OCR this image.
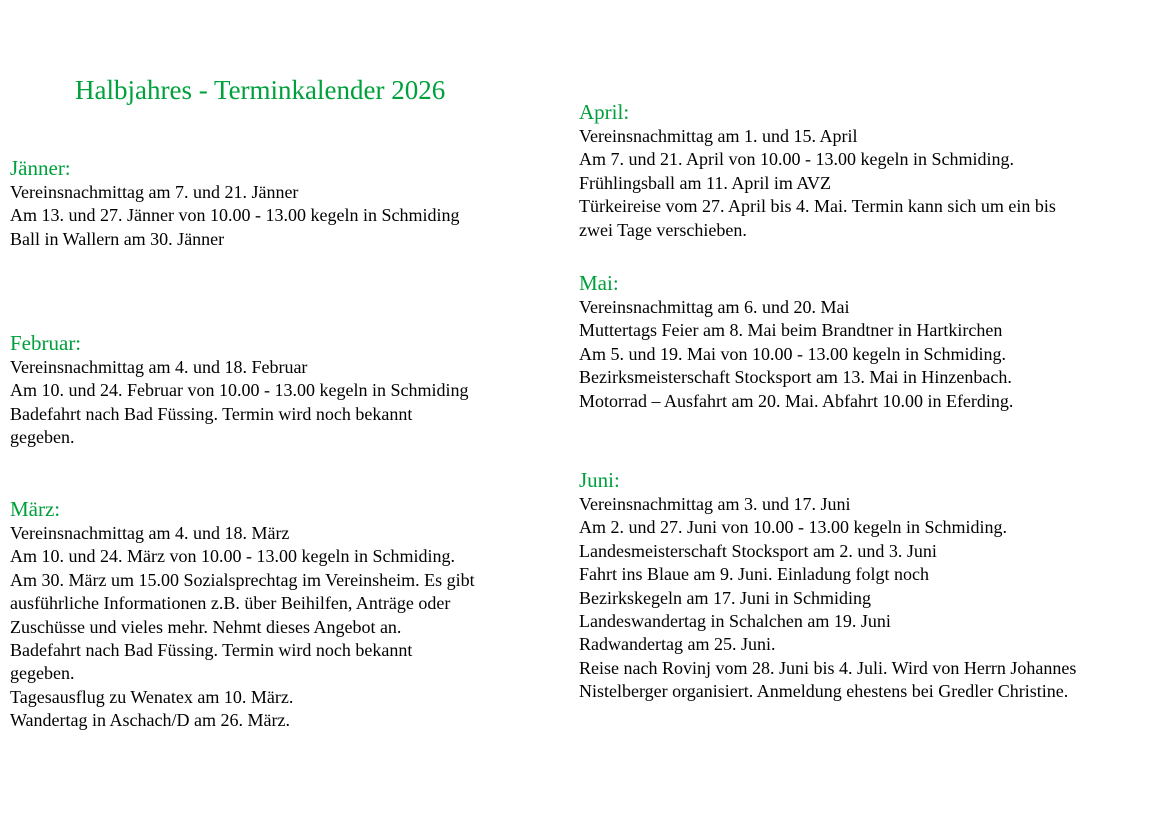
Halbjahres - Terminkalender 2026

Jänner:

Vereinsnachmittag am 7. und 21. Jänner

Am 13. und 27. Jänner von 10.00 - 13.00 kegeln in Schmiding

Ball in Wallern am 30. Jänner

Februar:

Vereinsnachmittag am 4. und 18. Februar

Am 10. und 24. Februar von 10.00 - 13.00 kegeln in Schmiding

Badefahrt nach Bad Füssing. Termin wird noch bekannt

gegeben.

März:

Vereinsnachmittag am 4. und 18. März

Am 10. und 24. März von 10.00 - 13.00 kegeln in Schmiding.

Am 30. März um 15.00 Sozialsprechtag im Vereinsheim. Es gibt

ausführliche Informationen z.B. über Beihilfen, Anträge oder

Zuschüsse und vieles mehr. Nehmt dieses Angebot an.

Badefahrt nach Bad Füssing. Termin wird noch bekannt

gegeben.

Tagesausflug zu Wenatex am 10. März.

Wandertag in Aschach/D am 26. März.

April:

Vereinsnachmittag am 1. und 15. April

Am 7. und 21. April von 10.00 - 13.00 kegeln in Schmiding.

Frühlingsball am 11. April im AVZ

Türkeireise vom 27. April bis 4. Mai. Termin kann sich um ein bis

zwei Tage verschieben.

Mai:

Vereinsnachmittag am 6. und 20. Mai

Muttertags Feier am 8. Mai beim Brandtner in Hartkirchen

Am 5. und 19. Mai von 10.00 - 13.00 kegeln in Schmiding.

Bezirksmeisterschaft Stocksport am 13. Mai in Hinzenbach.

Motorrad – Ausfahrt am 20. Mai. Abfahrt 10.00 in Eferding.

Juni:

Vereinsnachmittag am 3. und 17. Juni

Am 2. und 27. Juni von 10.00 - 13.00 kegeln in Schmiding.

Landesmeisterschaft Stocksport am 2. und 3. Juni

Fahrt ins Blaue am 9. Juni. Einladung folgt noch

Bezirkskegeln am 17. Juni in Schmiding

Landeswandertag in Schalchen am 19. Juni

Radwandertag am 25. Juni.

Reise nach Rovinj vom 28. Juni bis 4. Juli. Wird von Herrn Johannes

Nistelberger organisiert. Anmeldung ehestens bei Gredler Christine.
